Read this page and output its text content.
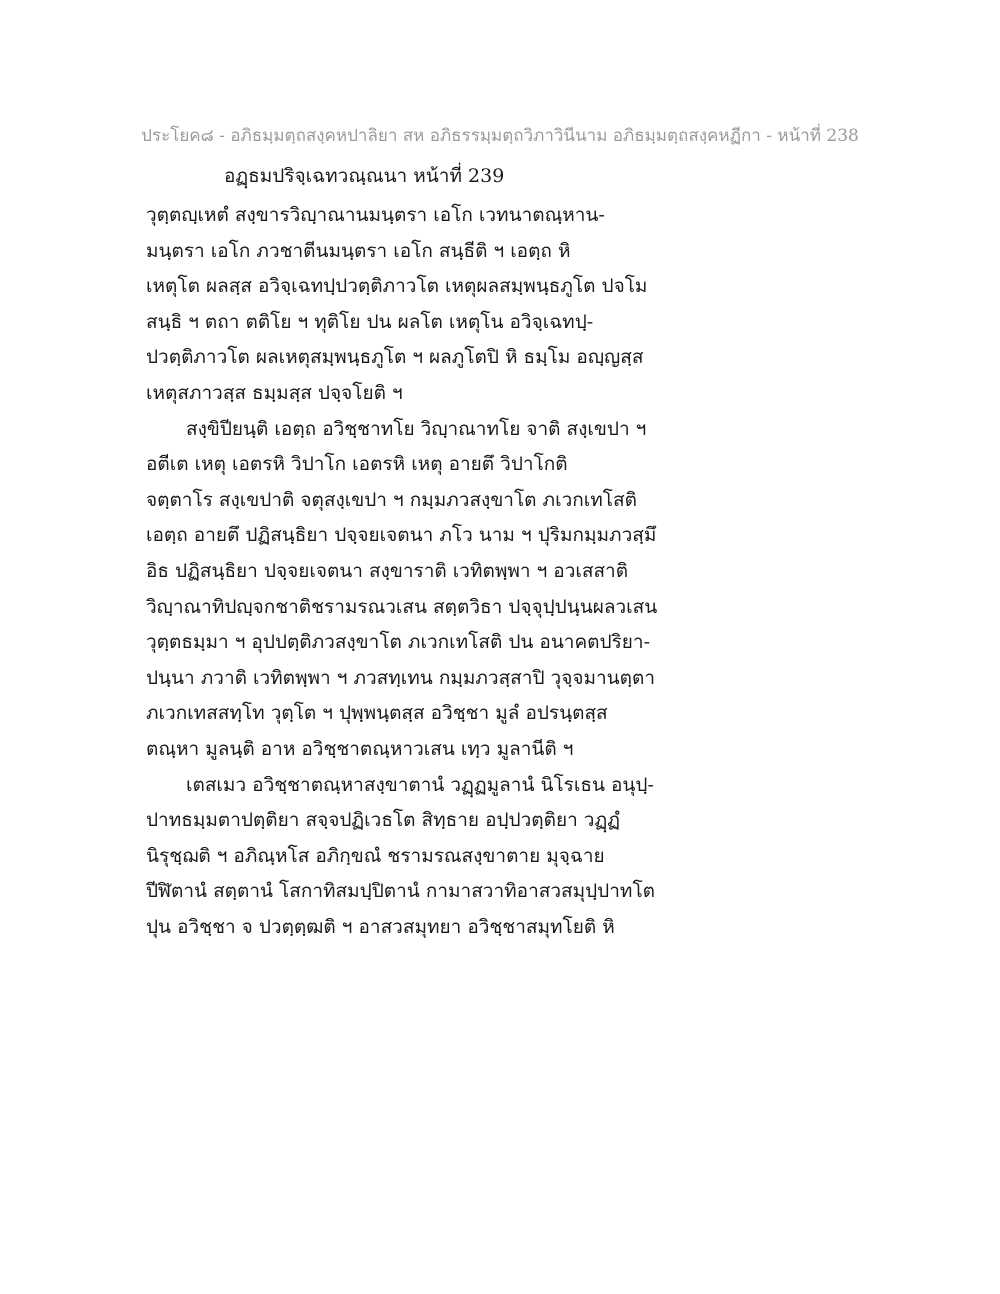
ประโยค๘ - อภิธมฺมตฺถสงฺคหปาลิยา สห อภิธรรมฺมตฺถวิภาวินีนาม อภิธมฺมตฺถสงฺคหฏีกา - หน้าที่ 238
อฏฺธมปริจฺเฉทวณฺณนา หน้าที่ 239
วุตฺตญฺเหตํ สงฺขารวิญฺาณานมนฺตรา เอโก เวทนาตณฺหาน-
มนฺตรา เอโก ภวชาตีนมนฺตรา เอโก สนฺธีติ ฯ เอตฺถ หิ
เหตุโต ผลสฺส อวิจฺเฉทปฺปวตฺติภาวโต เหตุผลสมฺพนฺธภูโต ปจโม
สนฺธิ ฯ ตถา ตติโย ฯ ทุติโย ปน ผลโต เหตุโน อวิจฺเฉทปฺ-
ปวตฺติภาวโต ผลเหตุสมฺพนฺธภูโต ฯ ผลภูโตปิ หิ ธมฺโม อญฺญสฺส
เหตุสภาวสฺส ธมฺมสฺส ปจฺจโยติ ฯ
สงฺขิปียนฺติ เอตฺถ อวิชฺชาทโย วิญฺาณาทโย จาติ สงฺเขปา ฯ
อตีเต เหตุ เอตรหิ วิปาโก เอตรหิ เหตุ อายตึ วิปาโกติ
จตฺตาโร สงฺเขปาติ จตุสงฺเขปา ฯ กมฺมภวสงฺขาโต ภเวกเทโสติ
เอตฺถ อายตึ ปฏิสนฺธิยา ปจฺจยเจตนา ภโว นาม ฯ ปุริมกมฺมภวสฺมึ
อิธ ปฏิสนฺธิยา ปจฺจยเจตนา สงฺขาราติ เวทิตพฺพา ฯ อวเสสาติ
วิญฺาณาทิปญฺจกชาติชรามรณวเสน สตฺตวิธา ปจฺจุปฺปนฺนผลวเสน
วุตฺตธมฺมา ฯ อุปปตฺติภวสงฺขาโต ภเวกเทโสติ ปน อนาคตปริยา-
ปนฺนา ภวาติ เวทิตพฺพา ฯ ภวสทฺเทน กมฺมภวสฺสาปิ วุจฺจมานตฺตา
ภเวกเทสสทฺโท วุตฺโต ฯ ปุพฺพนฺตสฺส อวิชฺชา มูลํ อปรนฺตสฺส
ตณฺหา มูลนฺติ อาห อวิชฺชาตณฺหาวเสน เทฺว มูลานีติ ฯ
เตสเมว อวิชฺชาตณฺหาสงฺขาตานํ วฏฺฏมูลานํ นิโรเธน อนุปฺ-
ปาทธมฺมตาปตฺติยา สจฺจปฏิเวธโต สิทฺธาย อปฺปวตฺติยา วฏฺฏํ
นิรุชฺฌติ ฯ อภิณฺหโส อภิกฺขณํ ชรามรณสงฺขาตาย มุจฺฉาย
ปีฬิตานํ สตฺตานํ โสกาทิสมปฺปิตานํ กามาสวาทิอาสวสมุปฺปาทโต
ปุน อวิชฺชา จ ปวตฺตฺฒติ ฯ อาสวสมุทยา อวิชฺชาสมุทโยติ หิ
